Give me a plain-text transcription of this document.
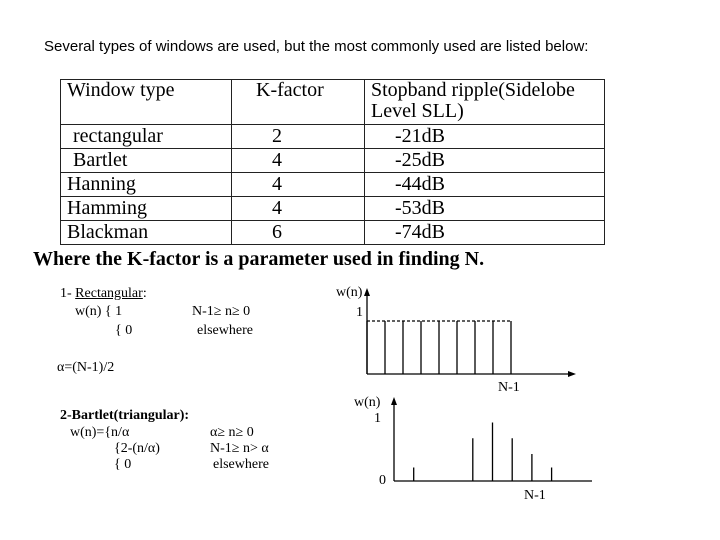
Several types of windows are used, but the most commonly used are listed below:
Window type	K-factor	Stopband ripple(Sidelobe Level SLL)
rectangular	2	-21dB
Bartlet	4	-25dB
Hanning	4	-44dB
Hamming	4	-53dB
Blackman	6	-74dB
Where the K-factor is a parameter used in finding N.
1- Rectangular:
w(n) { 1	N-1≥ n≥ 0
{ 0	elsewhere
α=(N-1)/2
2-Bartlet(triangular):
w(n)={n/α	α≥ n≥ 0
{2-(n/α)	N-1≥ n> α
{ 0	elsewhere
w(n)
1
N-1
w(n)
1
0
N-1
